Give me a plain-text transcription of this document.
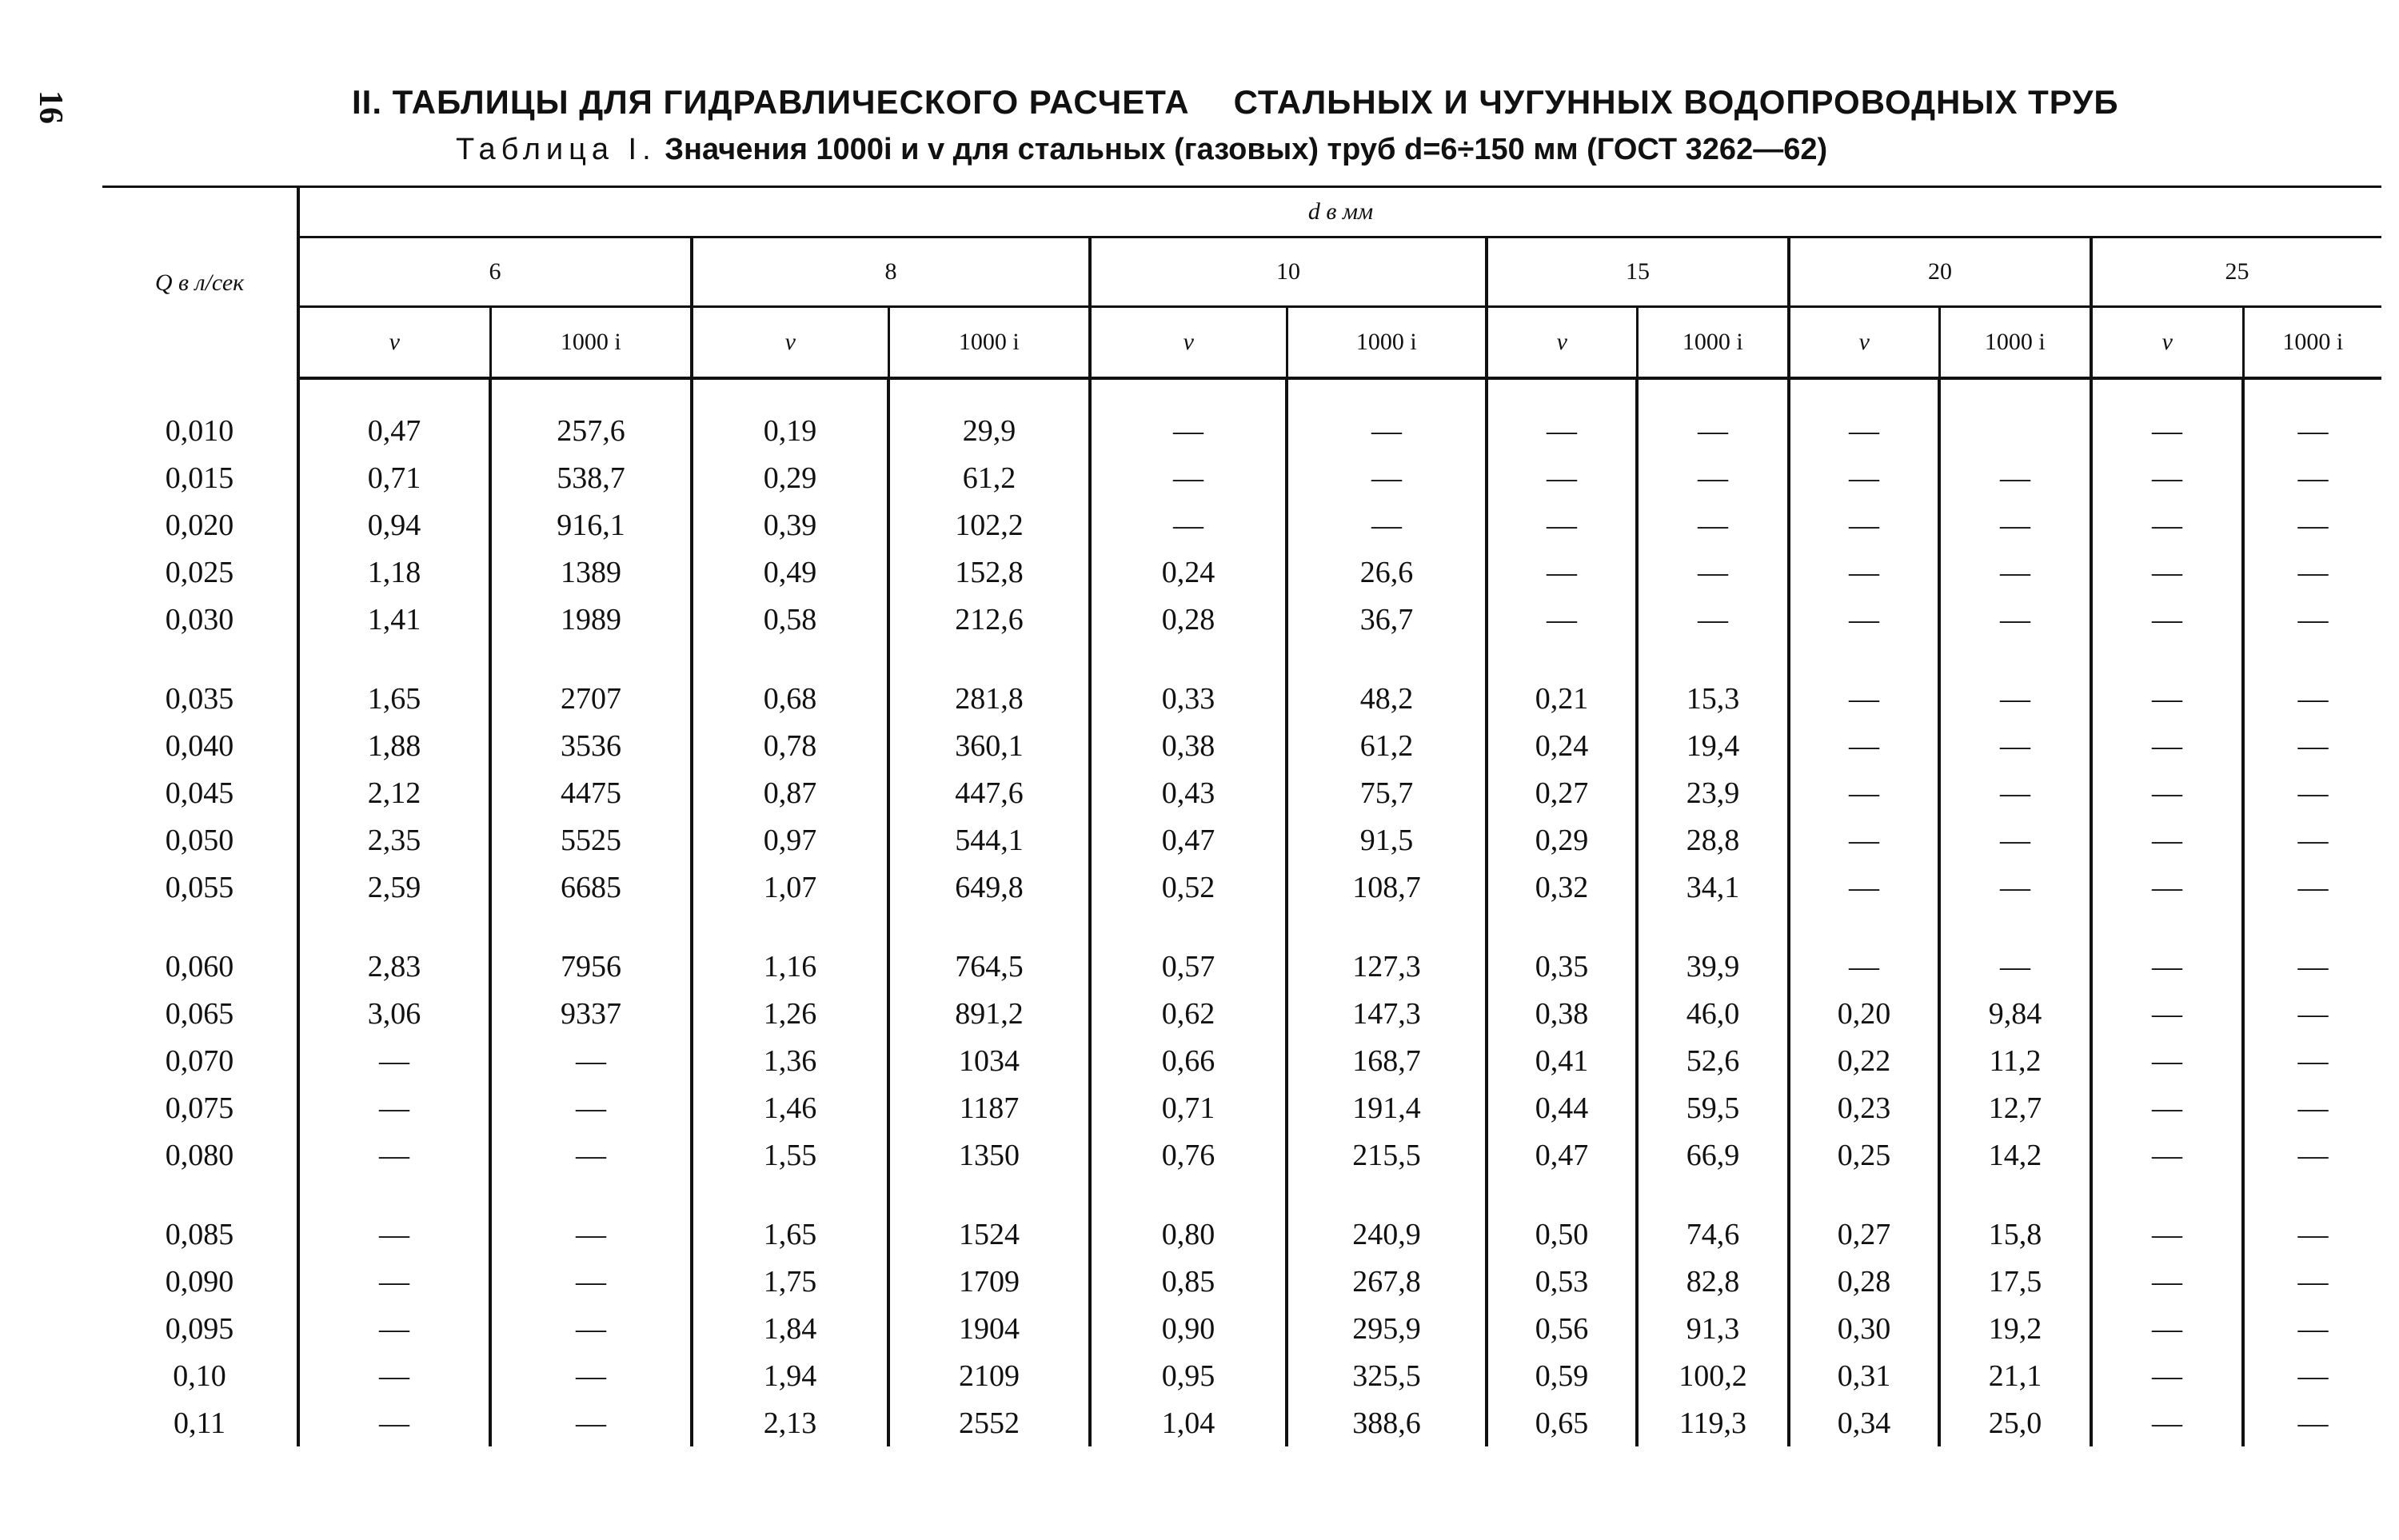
16	II. ТАБЛИЦЫ ДЛЯ ГИДРАВЛИЧЕСКОГО РАСЧЕТА СТАЛЬНЫХ И ЧУГУННЫХ ВОДОПРОВОДНЫХ ТРУБ
Таблица I. Значения 1000i и v для стальных (газовых) труб d=6÷150 мм (ГОСТ 3262—62)
Q в л/сек	d в мм											
	6		8		10		15		20		25	
	v	1000 i	v	1000 i	v	1000 i	v	1000 i	v	1000 i	v	1000 i

0,010	0,47	257,6	0,19	29,9	—	—	—	—	—		—	—
0,015	0,71	538,7	0,29	61,2	—	—	—	—	—	—	—	—
0,020	0,94	916,1	0,39	102,2	—	—	—	—	—	—	—	—
0,025	1,18	1389	0,49	152,8	0,24	26,6	—	—	—	—	—	—
0,030	1,41	1989	0,58	212,6	0,28	36,7	—	—	—	—	—	—

0,035	1,65	2707	0,68	281,8	0,33	48,2	0,21	15,3	—	—	—	—
0,040	1,88	3536	0,78	360,1	0,38	61,2	0,24	19,4	—	—	—	—
0,045	2,12	4475	0,87	447,6	0,43	75,7	0,27	23,9	—	—	—	—
0,050	2,35	5525	0,97	544,1	0,47	91,5	0,29	28,8	—	—	—	—
0,055	2,59	6685	1,07	649,8	0,52	108,7	0,32	34,1	—	—	—	—

0,060	2,83	7956	1,16	764,5	0,57	127,3	0,35	39,9	—	—	—	—
0,065	3,06	9337	1,26	891,2	0,62	147,3	0,38	46,0	0,20	9,84	—	—
0,070	—	—	1,36	1034	0,66	168,7	0,41	52,6	0,22	11,2	—	—
0,075	—	—	1,46	1187	0,71	191,4	0,44	59,5	0,23	12,7	—	—
0,080	—	—	1,55	1350	0,76	215,5	0,47	66,9	0,25	14,2	—	—

0,085	—	—	1,65	1524	0,80	240,9	0,50	74,6	0,27	15,8	—	—
0,090	—	—	1,75	1709	0,85	267,8	0,53	82,8	0,28	17,5	—	—
0,095	—	—	1,84	1904	0,90	295,9	0,56	91,3	0,30	19,2	—	—
0,10	—	—	1,94	2109	0,95	325,5	0,59	100,2	0,31	21,1	—	—
0,11	—	—	2,13	2552	1,04	388,6	0,65	119,3	0,34	25,0	—	—
